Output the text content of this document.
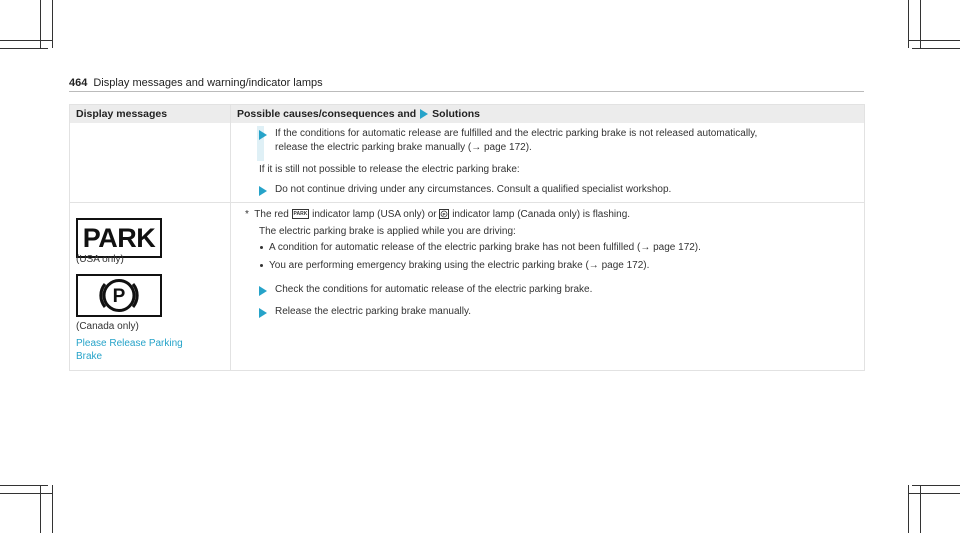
464 Display messages and warning/indicator lamps
Display messages	Possible causes/consequences and Solutions
If the conditions for automatic release are fulfilled and the electric parking brake is not released automatically,
release the electric parking brake manually (→ page 172).
If it is still not possible to release the electric parking brake:
Do not continue driving under any circumstances. Consult a qualified specialist workshop.
PARK
(USA only)
P
(Canada only)
Please Release Parking
Brake
* The red PARK indicator lamp (USA only) or P indicator lamp (Canada only) is flashing.
The electric parking brake is applied while you are driving:
A condition for automatic release of the electric parking brake has not been fulfilled (→ page 172).
You are performing emergency braking using the electric parking brake (→ page 172).
Check the conditions for automatic release of the electric parking brake.
Release the electric parking brake manually.
